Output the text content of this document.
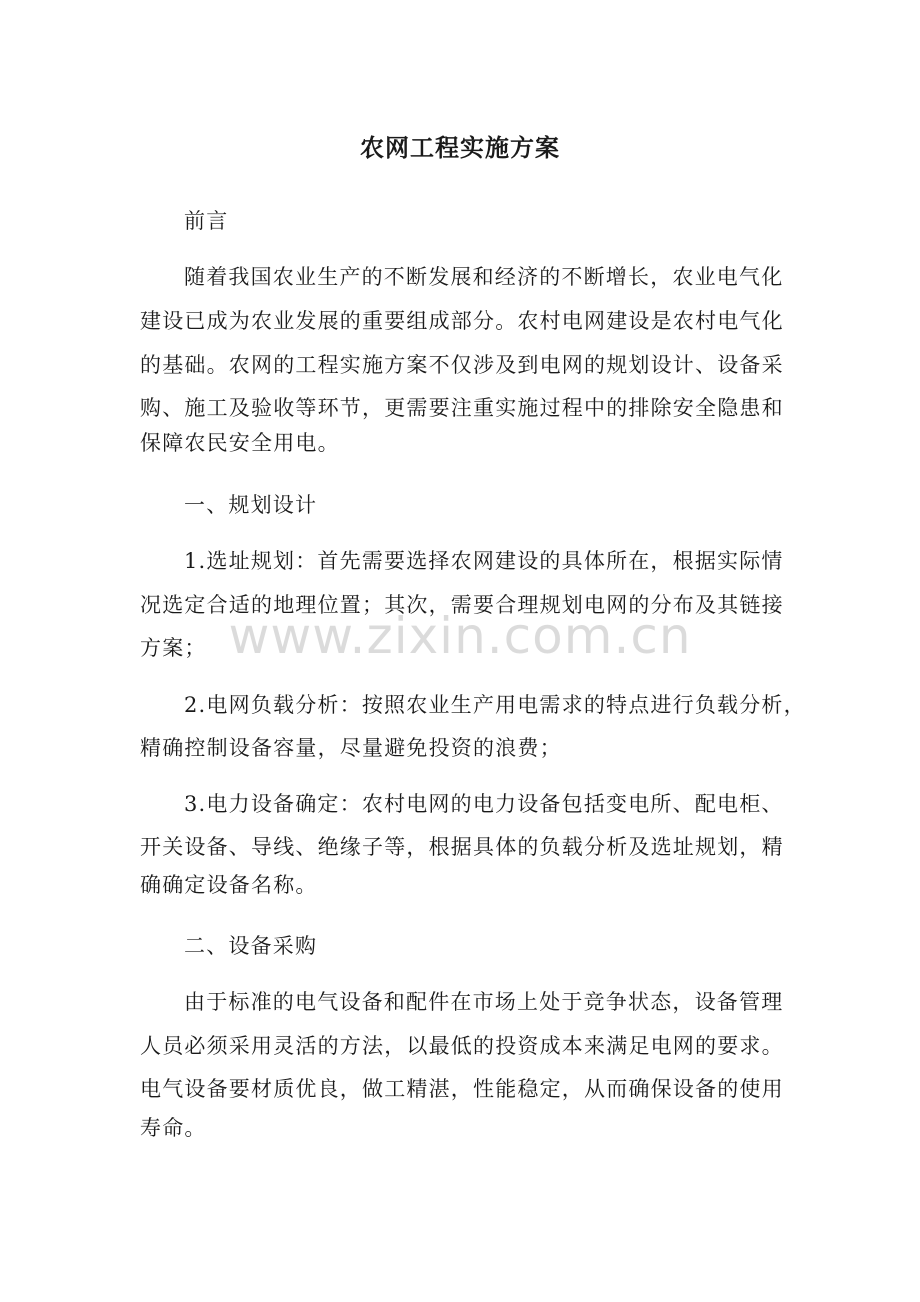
农网工程实施方案
前言
随着我国农业生产的不断发展和经济的不断增长，农业电气化
建设已成为农业发展的重要组成部分。农村电网建设是农村电气化
的基础。农网的工程实施方案不仅涉及到电网的规划设计、设备采
购、施工及验收等环节，更需要注重实施过程中的排除安全隐患和
保障农民安全用电。
一、规划设计
1.选址规划：首先需要选择农网建设的具体所在，根据实际情
况选定合适的地理位置；其次，需要合理规划电网的分布及其链接
方案；
2.电网负载分析：按照农业生产用电需求的特点进行负载分析，
精确控制设备容量，尽量避免投资的浪费；
3.电力设备确定：农村电网的电力设备包括变电所、配电柜、
开关设备、导线、绝缘子等，根据具体的负载分析及选址规划，精
确确定设备名称。
二、设备采购
由于标准的电气设备和配件在市场上处于竞争状态，设备管理
人员必须采用灵活的方法，以最低的投资成本来满足电网的要求。
电气设备要材质优良，做工精湛，性能稳定，从而确保设备的使用
寿命。
www.zixin.com.cn
